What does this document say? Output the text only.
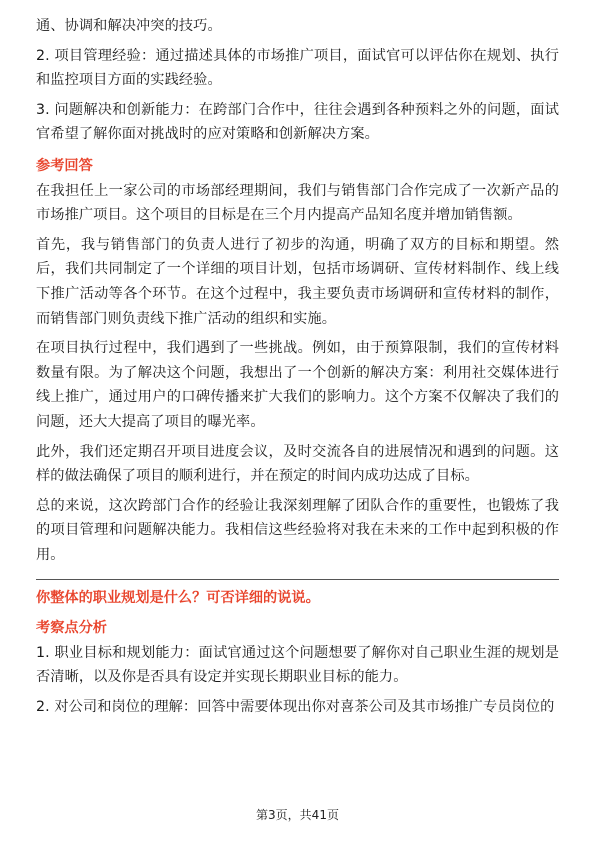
通、协调和解决冲突的技巧。

2. 项目管理经验：通过描述具体的市场推广项目，面试官可以评估你在规划、执行和监控项目方面的实践经验。

3. 问题解决和创新能力：在跨部门合作中，往往会遇到各种预料之外的问题，面试官希望了解你面对挑战时的应对策略和创新解决方案。

参考回答

在我担任上一家公司的市场部经理期间，我们与销售部门合作完成了一次新产品的市场推广项目。这个项目的目标是在三个月内提高产品知名度并增加销售额。

首先，我与销售部门的负责人进行了初步的沟通，明确了双方的目标和期望。然后，我们共同制定了一个详细的项目计划，包括市场调研、宣传材料制作、线上线下推广活动等各个环节。在这个过程中，我主要负责市场调研和宣传材料的制作，而销售部门则负责线下推广活动的组织和实施。

在项目执行过程中，我们遇到了一些挑战。例如，由于预算限制，我们的宣传材料数量有限。为了解决这个问题，我想出了一个创新的解决方案：利用社交媒体进行线上推广，通过用户的口碑传播来扩大我们的影响力。这个方案不仅解决了我们的问题，还大大提高了项目的曝光率。

此外，我们还定期召开项目进度会议，及时交流各自的进展情况和遇到的问题。这样的做法确保了项目的顺利进行，并在预定的时间内成功达成了目标。

总的来说，这次跨部门合作的经验让我深刻理解了团队合作的重要性，也锻炼了我的项目管理和问题解决能力。我相信这些经验将对我在未来的工作中起到积极的作用。

你整体的职业规划是什么？可否详细的说说。
考察点分析

1. 职业目标和规划能力：面试官通过这个问题想要了解你对自己职业生涯的规划是否清晰，以及你是否具有设定并实现长期职业目标的能力。

2. 对公司和岗位的理解：回答中需要体现出你对喜茶公司及其市场推广专员岗位的

第3页，共41页
